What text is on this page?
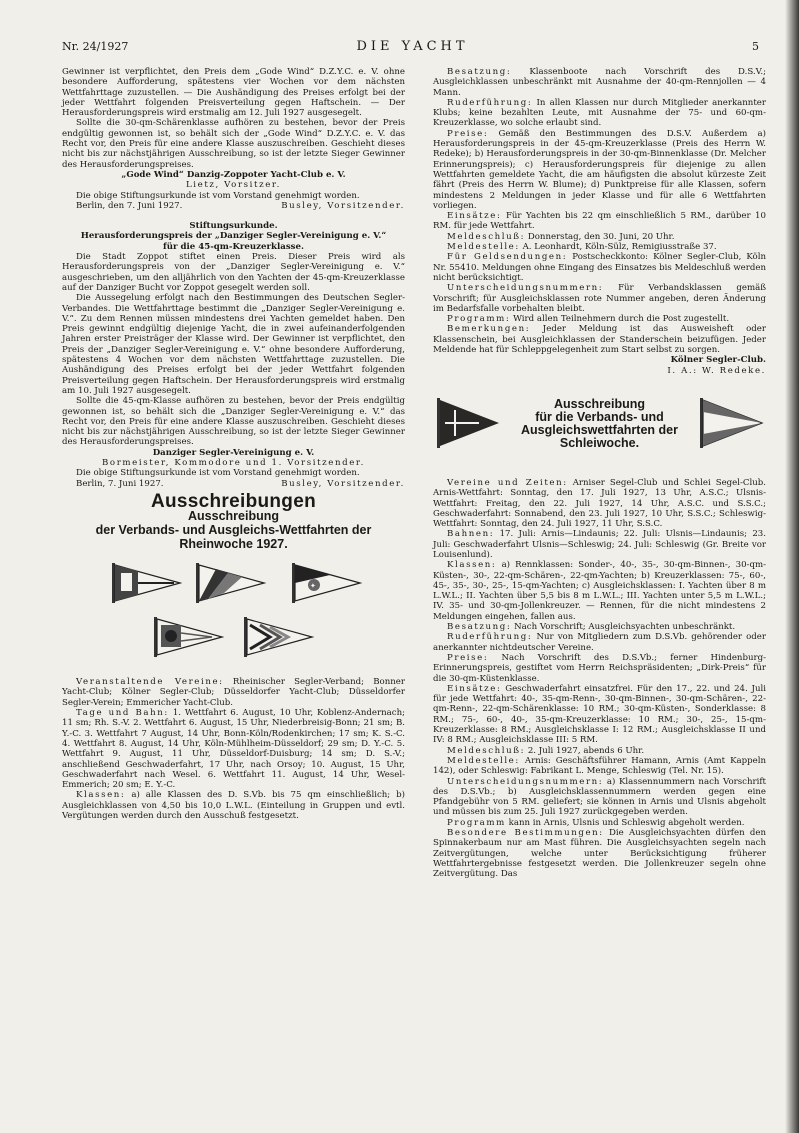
Nr. 24/1927	DIE YACHT	5

Gewinner ist verpflichtet, den Preis dem „Gode Wind“ D.Z.Y.C. e. V. ohne besondere Aufforderung, spätestens vier Wochen vor dem nächsten Wettfahrttage zuzustellen. — Die Aushändigung des Preises erfolgt bei der jeder Wettfahrt folgenden Preisverteilung gegen Haftschein. — Der Herausforderungspreis wird erstmalig am 12. Juli 1927 ausgesegelt.

Sollte die 30-qm-Schärenklasse aufhören zu bestehen, bevor der Preis endgültig gewonnen ist, so behält sich der „Gode Wind“ D.Z.Y.C. e. V. das Recht vor, den Preis für eine andere Klasse auszuschreiben. Geschieht dieses nicht bis zur nächstjährigen Ausschreibung, so ist der letzte Sieger Gewinner des Herausforderungspreises.

„Gode Wind“ Danzig-Zoppoter Yacht-Club e. V.

Lietz, Vorsitzer.

Die obige Stiftungsurkunde ist vom Vorstand genehmigt worden.

Berlin, den 7. Juni 1927.	Busley, Vorsitzender.

Stiftungsurkunde.

Herausforderungspreis der „Danziger Segler-Vereinigung e. V.“

für die 45-qm-Kreuzerklasse.

Die Stadt Zoppot stiftet einen Preis. Dieser Preis wird als Herausforderungspreis von der „Danziger Segler-Vereinigung e. V.“ ausgeschrieben, um den alljährlich von den Yachten der 45-qm-Kreuzerklasse auf der Danziger Bucht vor Zoppot gesegelt werden soll.

Die Aussegelung erfolgt nach den Bestimmungen des Deutschen Segler-Verbandes. Die Wettfahrttage bestimmt die „Danziger Segler-Vereinigung e. V.“. Zu dem Rennen müssen mindestens drei Yachten gemeldet haben. Den Preis gewinnt endgültig diejenige Yacht, die in zwei aufeinanderfolgenden Jahren erster Preisträger der Klasse wird. Der Gewinner ist verpflichtet, den Preis der „Danziger Segler-Vereinigung e. V.“ ohne besondere Aufforderung, spätestens 4 Wochen vor dem nächsten Wettfahrttage zuzustellen. Die Aushändigung des Preises erfolgt bei der jeder Wettfahrt folgenden Preisverteilung gegen Haftschein. Der Herausforderungspreis wird erstmalig am 10. Juli 1927 ausgesegelt.

Sollte die 45-qm-Klasse aufhören zu bestehen, bevor der Preis endgültig gewonnen ist, so behält sich die „Danziger Segler-Vereinigung e. V.“ das Recht vor, den Preis für eine andere Klasse auszuschreiben. Geschieht dieses nicht bis zur nächstjährigen Ausschreibung, so ist der letzte Sieger Gewinner des Herausforderungspreises.

Danziger Segler-Vereinigung e. V.

Bormeister, Kommodore und 1. Vorsitzender.

Die obige Stiftungsurkunde ist vom Vorstand genehmigt worden.

Berlin, 7. Juni 1927.	Busley, Vorsitzender.
Ausschreibungen
Ausschreibung
der Verbands- und Ausgleichs-Wettfahrten der
Rheinwoche 1927.
✦

Veranstaltende Vereine: Rheinischer Segler-Verband; Bonner Yacht-Club; Kölner Segler-Club; Düsseldorfer Yacht-Club; Düsseldorfer Segler-Verein; Emmericher Yacht-Club.

Tage und Bahn: 1. Wettfahrt 6. August, 10 Uhr, Koblenz-Andernach; 11 sm; Rh. S.-V. 2. Wettfahrt 6. August, 15 Uhr, Niederbreisig-Bonn; 21 sm; B. Y.-C. 3. Wettfahrt 7 August, 14 Uhr, Bonn-Köln/Rodenkirchen; 17 sm; K. S.-C. 4. Wettfahrt 8. August, 14 Uhr, Köln-Mühlheim-Düsseldorf; 29 sm; D. Y.-C. 5. Wettfahrt 9. August, 11 Uhr, Düsseldorf-Duisburg; 14 sm; D. S.-V.; anschließend Geschwaderfahrt, 17 Uhr, nach Orsoy; 10. August, 15 Uhr, Geschwaderfahrt nach Wesel. 6. Wettfahrt 11. August, 14 Uhr, Wesel-Emmerich; 20 sm; E. Y.-C.

Klassen: a) alle Klassen des D. S.Vb. bis 75 qm einschließlich; b) Ausgleichklassen von 4,50 bis 10,0 L.W.L. (Einteilung in Gruppen und evtl. Vergütungen werden durch den Ausschuß festgesetzt.

Besatzung: Klassenboote nach Vorschrift des D.S.V.; Ausgleichklassen unbeschränkt mit Ausnahme der 40-qm-Rennjollen — 4 Mann.

Ruderführung: In allen Klassen nur durch Mitglieder anerkannter Klubs; keine bezahlten Leute, mit Ausnahme der 75- und 60-qm-Kreuzerklasse, wo solche erlaubt sind.

Preise: Gemäß den Bestimmungen des D.S.V. Außerdem a) Herausforderungspreis in der 45-qm-Kreuzerklasse (Preis des Herrn W. Redeke); b) Herausforderungspreis in der 30-qm-Binnenklasse (Dr. Melcher Erinnerungspreis); c) Herausforderungspreis für diejenige zu allen Wettfahrten gemeldete Yacht, die am häufigsten die absolut kürzeste Zeit fährt (Preis des Herrn W. Blume); d) Punktpreise für alle Klassen, sofern mindestens 2 Meldungen in jeder Klasse und für alle 6 Wettfahrten vorliegen.

Einsätze: Für Yachten bis 22 qm einschließlich 5 RM., darüber 10 RM. für jede Wettfahrt.

Meldeschluß: Donnerstag, den 30. Juni, 20 Uhr.

Meldestelle: A. Leonhardt, Köln-Sülz, Remigiusstraße 37.

Für Geldsendungen: Postscheckkonto: Kölner Segler-Club, Köln Nr. 55410. Meldungen ohne Eingang des Einsatzes bis Meldeschluß werden nicht berücksichtigt.

Unterscheidungsnummern: Für Verbandsklassen gemäß Vorschrift; für Ausgleichsklassen rote Nummer angeben, deren Änderung im Bedarfsfalle vorbehalten bleibt.

Programm: Wird allen Teilnehmern durch die Post zugestellt.

Bemerkungen: Jeder Meldung ist das Ausweisheft oder Klassenschein, bei Ausgleichklassen der Standerschein beizufügen. Jeder Meldende hat für Schleppgelegenheit zum Start selbst zu sorgen.

Kölner Segler-Club.

I. A.: W. Redeke.

Ausschreibung
für die Verbands- und
Ausgleichswettfahrten der
Schleiwoche.

Vereine und Zeiten: Arniser Segel-Club und Schlei Segel-Club. Arnis-Wettfahrt: Sonntag, den 17. Juli 1927, 13 Uhr, A.S.C.; Ulsnis-Wettfahrt: Freitag, den 22. Juli 1927, 14 Uhr, A.S.C. und S.S.C.; Geschwaderfahrt: Sonnabend, den 23. Juli 1927, 10 Uhr, S.S.C.; Schleswig-Wettfahrt: Sonntag, den 24. Juli 1927, 11 Uhr, S.S.C.

Bahnen: 17. Juli: Arnis—Lindaunis; 22. Juli: Ulsnis—Lindaunis; 23. Juli: Geschwaderfahrt Ulsnis—Schleswig; 24. Juli: Schleswig (Gr. Breite vor Louisenlund).

Klassen: a) Rennklassen: Sonder-, 40-, 35-, 30-qm-Binnen-, 30-qm-Küsten-, 30-, 22-qm-Schären-, 22-qm-Yachten; b) Kreuzerklassen: 75-, 60-, 45-, 35-, 30-, 25-, 15-qm-Yachten; c) Ausgleichsklassen: I. Yachten über 8 m L.W.L.; II. Yachten über 5,5 bis 8 m L.W.L.; III. Yachten unter 5,5 m L.W.L.; IV. 35- und 30-qm-Jollenkreuzer. — Rennen, für die nicht mindestens 2 Meldungen eingehen, fallen aus.

Besatzung: Nach Vorschrift; Ausgleichsyachten unbeschränkt.

Ruderführung: Nur von Mitgliedern zum D.S.Vb. gehörender oder anerkannter nichtdeutscher Vereine.

Preise: Nach Vorschrift des D.S.Vb.; ferner Hindenburg-Erinnerungspreis, gestiftet vom Herrn Reichspräsidenten; „Dirk-Preis“ für die 30-qm-Küstenklasse.

Einsätze: Geschwaderfahrt einsatzfrei. Für den 17., 22. und 24. Juli für jede Wettfahrt: 40-, 35-qm-Renn-, 30-qm-Binnen-, 30-qm-Schären-, 22-qm-Renn-, 22-qm-Schärenklasse: 10 RM.; 30-qm-Küsten-, Sonderklasse: 8 RM.; 75-, 60-, 40-, 35-qm-Kreuzerklasse: 10 RM.; 30-, 25-, 15-qm-Kreuzerklasse: 8 RM.; Ausgleichsklasse I: 12 RM.; Ausgleichsklasse II und IV: 8 RM.; Ausgleichsklasse III: 5 RM.

Meldeschluß: 2. Juli 1927, abends 6 Uhr.

Meldestelle: Arnis: Geschäftsführer Hamann, Arnis (Amt Kappeln 142), oder Schleswig: Fabrikant L. Menge, Schleswig (Tel. Nr. 15).

Unterscheidungsnummern: a) Klassennummern nach Vorschrift des D.S.Vb.; b) Ausgleichsklassennummern werden gegen eine Pfandgebühr von 5 RM. geliefert; sie können in Arnis und Ulsnis abgeholt und müssen bis zum 25. Juli 1927 zurückgegeben werden.

Programm kann in Arnis, Ulsnis und Schleswig abgeholt werden.

Besondere Bestimmungen: Die Ausgleichsyachten dürfen den Spinnakerbaum nur am Mast führen. Die Ausgleichsyachten segeln nach Zeitvergütungen, welche unter Berücksichtigung früherer Wettfahrtergebnisse festgesetzt werden. Die Jollenkreuzer segeln ohne Zeitvergütung. Das
